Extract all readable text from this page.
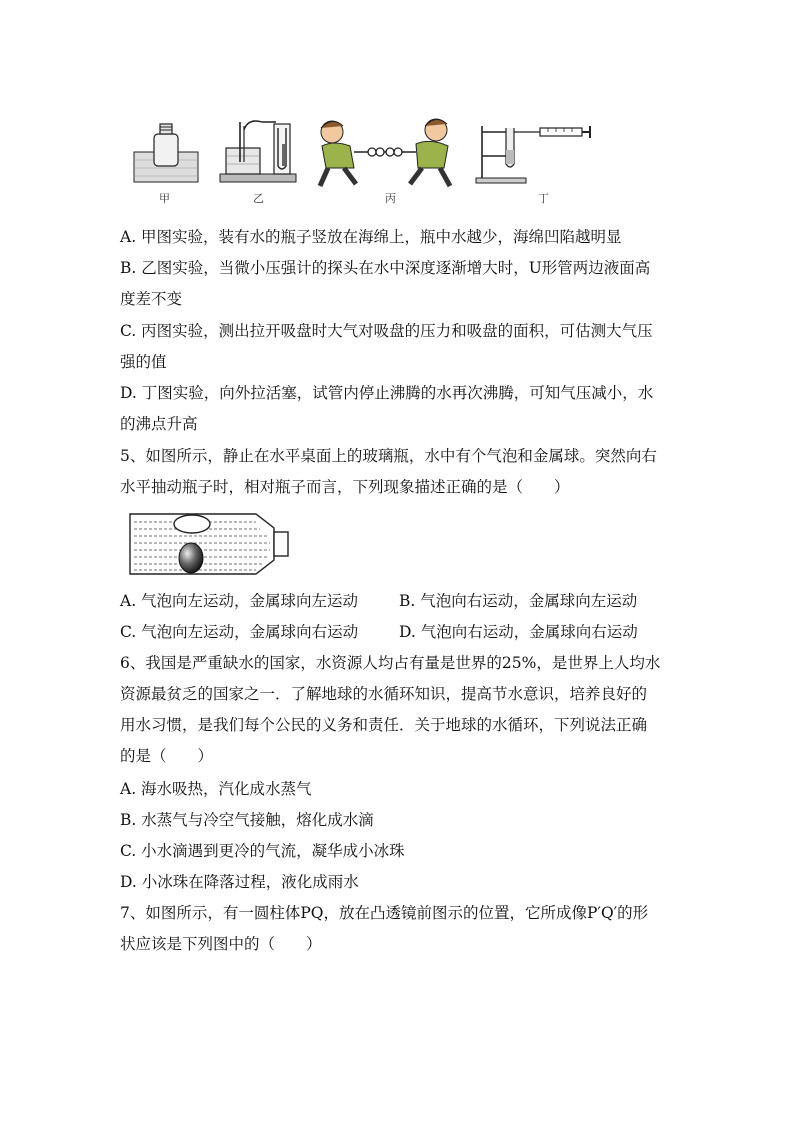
甲	乙	丙	丁
A. 甲图实验，装有水的瓶子竖放在海绵上，瓶中水越少，海绵凹陷越明显
B. 乙图实验，当微小压强计的探头在水中深度逐渐增大时，U形管两边液面高
度差不变
C. 丙图实验，测出拉开吸盘时大气对吸盘的压力和吸盘的面积，可估测大气压
强的值
D. 丁图实验，向外拉活塞，试管内停止沸腾的水再次沸腾，可知气压减小，水
的沸点升高
5、如图所示，静止在水平桌面上的玻璃瓶，水中有个气泡和金属球。突然向右
水平抽动瓶子时，相对瓶子而言，下列现象描述正确的是（　　）
A. 气泡向左运动，金属球向左运动	B. 气泡向右运动，金属球向左运动
C. 气泡向左运动，金属球向右运动	D. 气泡向右运动，金属球向右运动
6、我国是严重缺水的国家，水资源人均占有量是世界的25%，是世界上人均水
资源最贫乏的国家之一．了解地球的水循环知识，提高节水意识，培养良好的
用水习惯，是我们每个公民的义务和责任．关于地球的水循环，下列说法正确
的是（　　）
A. 海水吸热，汽化成水蒸气
B. 水蒸气与冷空气接触，熔化成水滴
C. 小水滴遇到更冷的气流，凝华成小冰珠
D. 小冰珠在降落过程，液化成雨水
7、如图所示，有一圆柱体PQ，放在凸透镜前图示的位置，它所成像P′Q′的形
状应该是下列图中的（　　）
